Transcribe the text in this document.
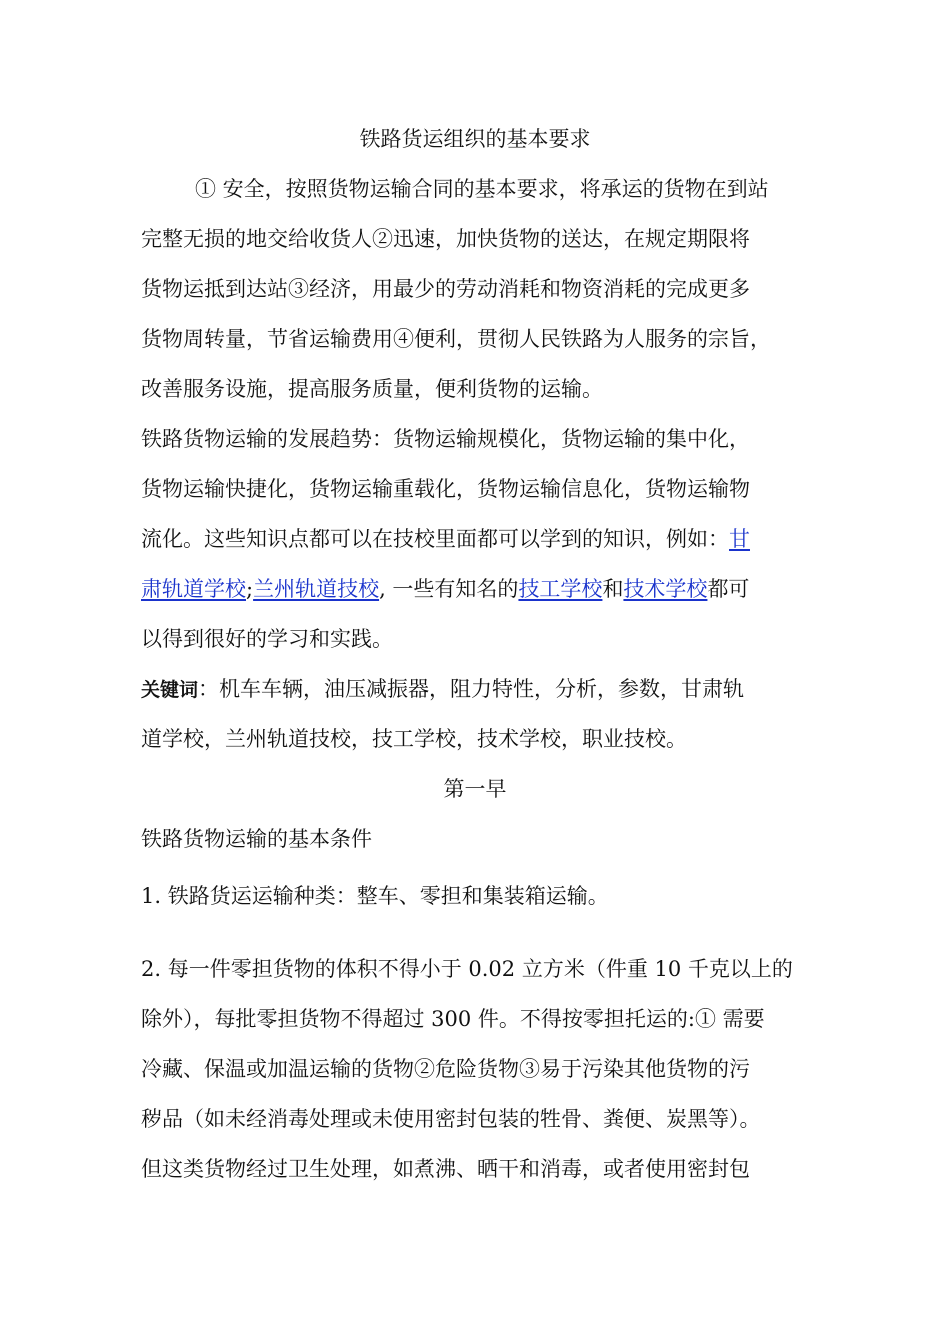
铁路货运组织的基本要求
① 安全，按照货物运输合同的基本要求，将承运的货物在到站
完整无损的地交给收货人②迅速，加快货物的送达，在规定期限将
货物运抵到达站③经济，用最少的劳动消耗和物资消耗的完成更多
货物周转量，节省运输费用④便利，贯彻人民铁路为人服务的宗旨，
改善服务设施，提高服务质量，便利货物的运输。
铁路货物运输的发展趋势：货物运输规模化，货物运输的集中化，
货物运输快捷化，货物运输重载化，货物运输信息化，货物运输物
流化。这些知识点都可以在技校里面都可以学到的知识，例如：甘
肃轨道学校;兰州轨道技校, 一些有知名的技工学校和技术学校都可
以得到很好的学习和实践。
关键词：机车车辆，油压减振器，阻力特性，分析，参数，甘肃轨
道学校，兰州轨道技校，技工学校，技术学校，职业技校。
第一早
铁路货物运输的基本条件
1. 铁路货运运输种类：整车、零担和集装箱运输。
2. 每一件零担货物的体积不得小于 0.02 立方米（件重 10 千克以上的
除外），每批零担货物不得超过 300 件。不得按零担托运的:① 需要
冷藏、保温或加温运输的货物②危险货物③易于污染其他货物的污
秽品（如未经消毒处理或未使用密封包装的牲骨、粪便、炭黑等）。
但这类货物经过卫生处理，如煮沸、晒干和消毒，或者使用密封包
